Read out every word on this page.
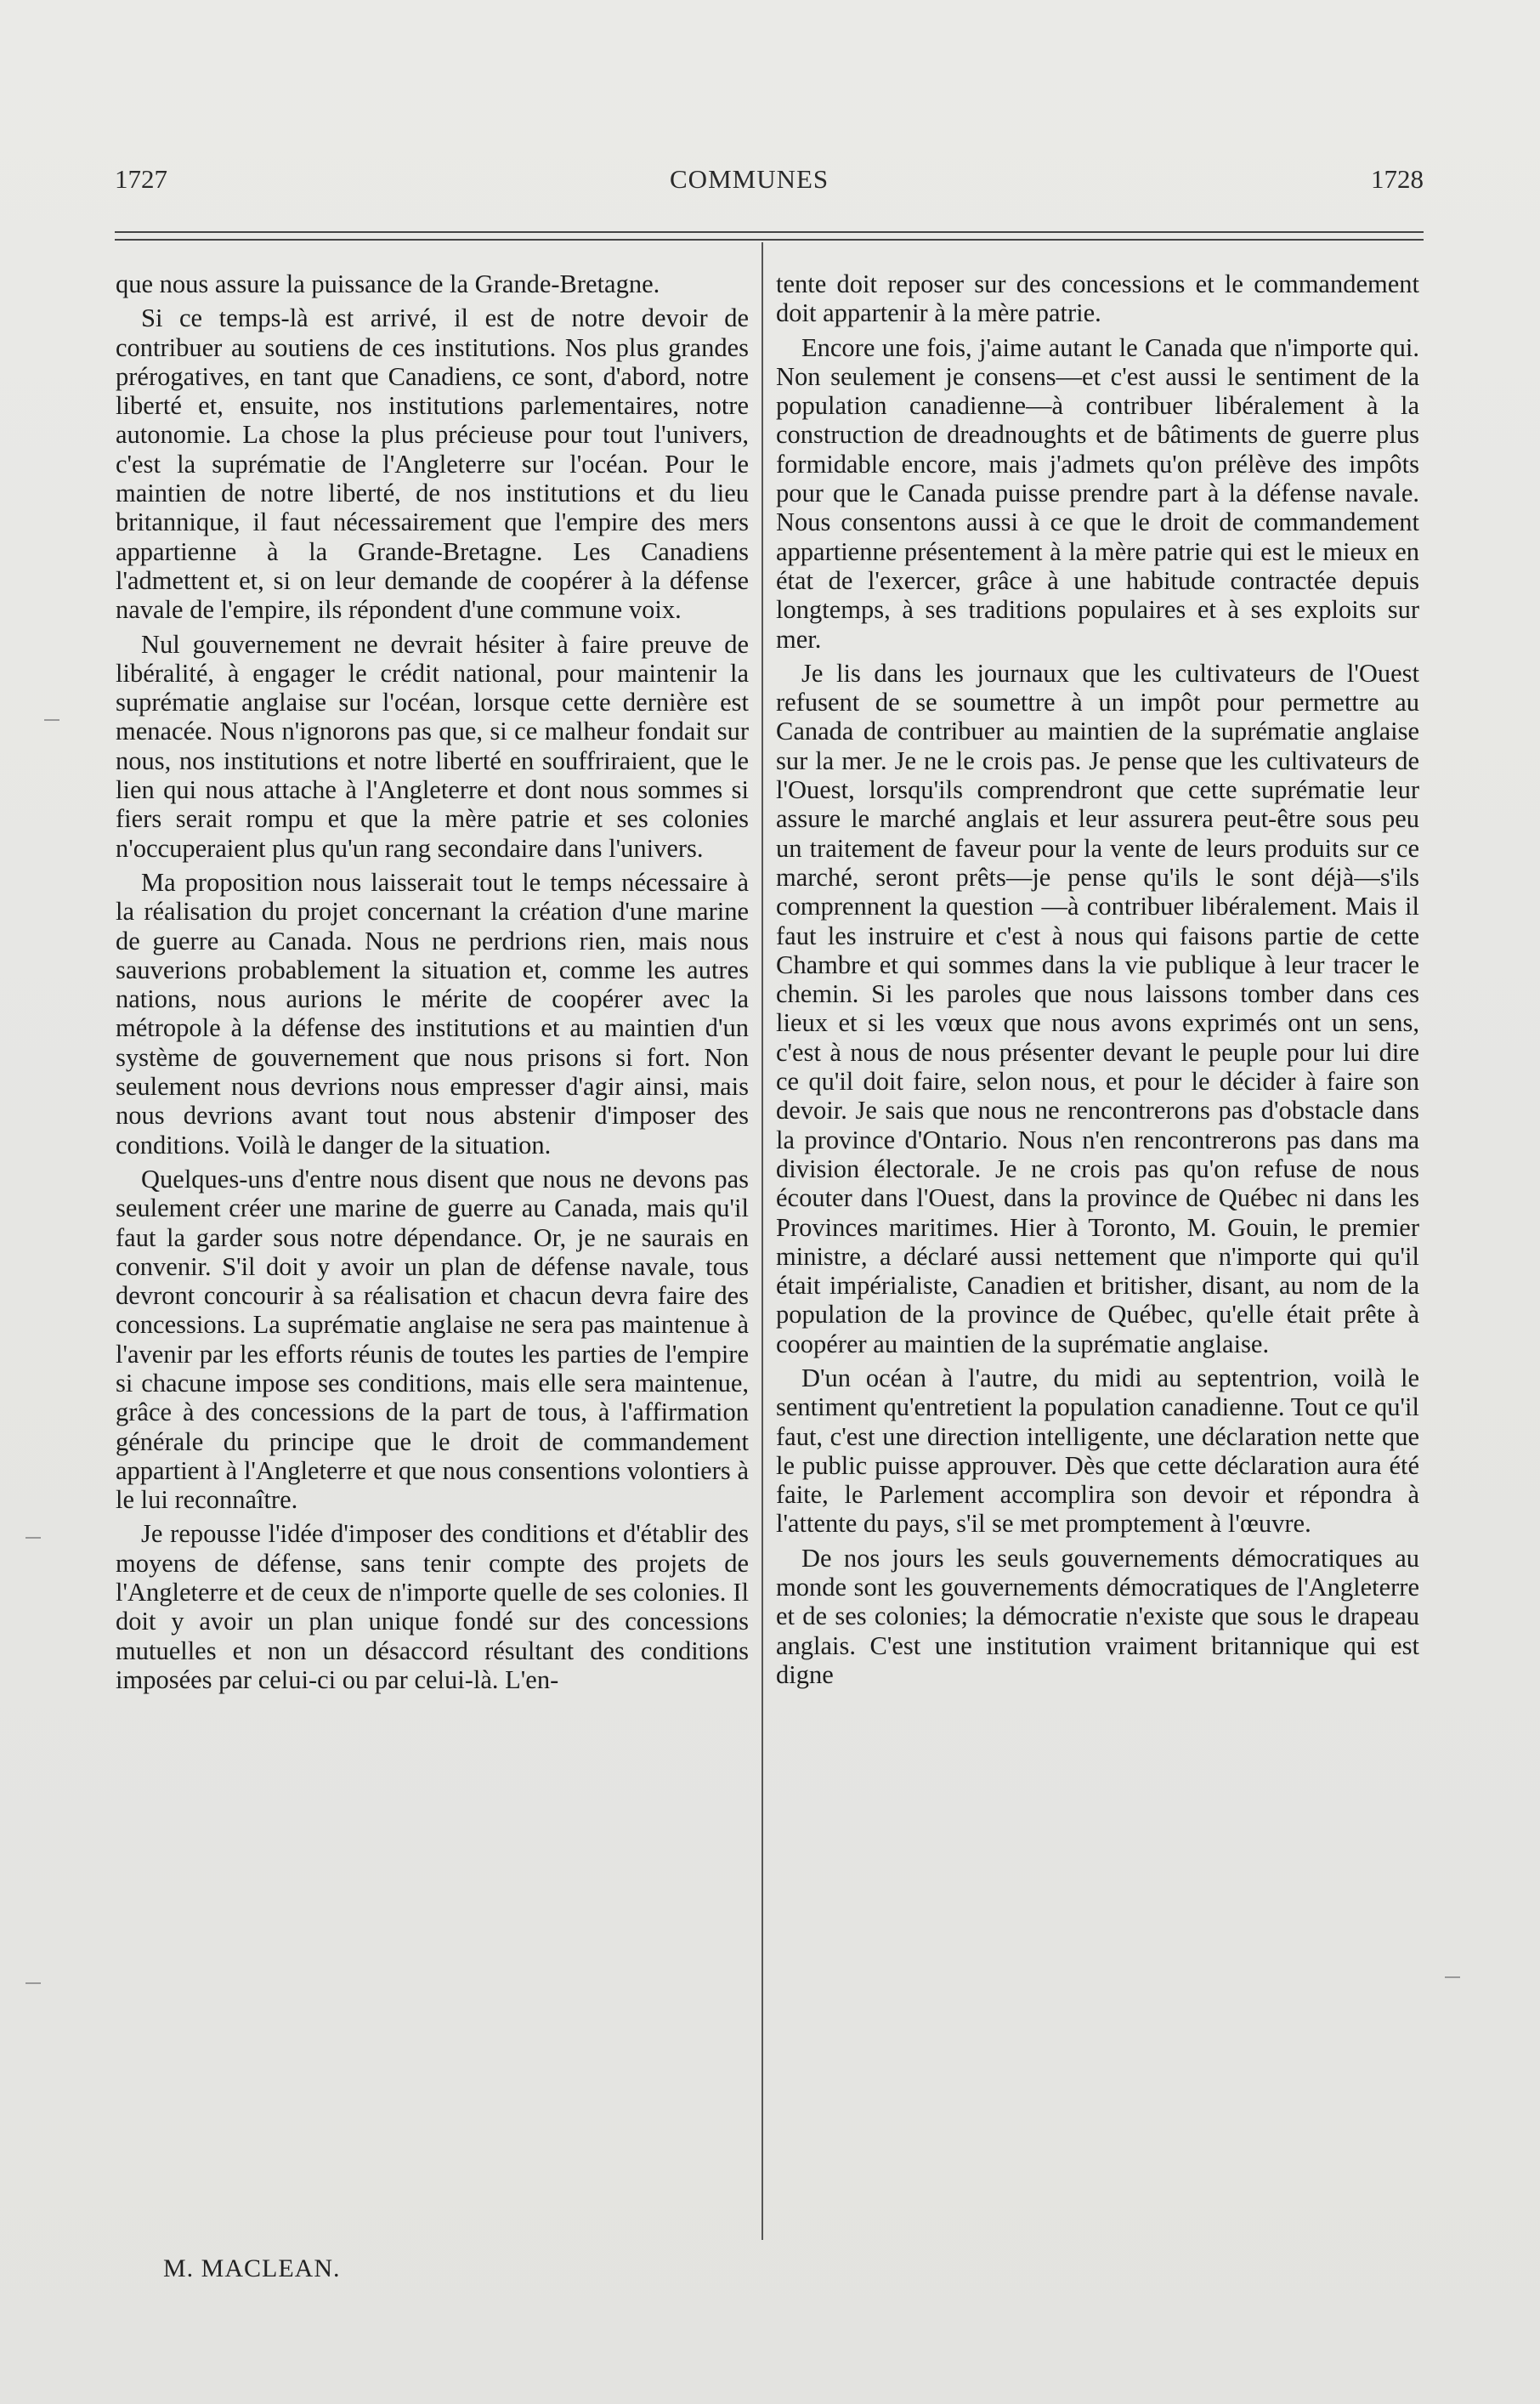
1727	COMMUNES	1728

que nous assure la puissance de la Grande-Bretagne.

Si ce temps-là est arrivé, il est de notre devoir de contribuer au soutiens de ces institutions. Nos plus grandes prérogatives, en tant que Canadiens, ce sont, d'abord, notre liberté et, ensuite, nos institutions parlementaires, notre autonomie. La chose la plus précieuse pour tout l'univers, c'est la suprématie de l'Angleterre sur l'océan. Pour le maintien de notre liberté, de nos institutions et du lieu britannique, il faut nécessairement que l'empire des mers appartienne à la Grande-Bretagne. Les Canadiens l'admettent et, si on leur demande de coopérer à la défense navale de l'empire, ils répondent d'une commune voix.

Nul gouvernement ne devrait hésiter à faire preuve de libéralité, à engager le crédit national, pour maintenir la suprématie anglaise sur l'océan, lorsque cette dernière est menacée. Nous n'ignorons pas que, si ce malheur fondait sur nous, nos institutions et notre liberté en souffriraient, que le lien qui nous attache à l'Angleterre et dont nous sommes si fiers serait rompu et que la mère patrie et ses colonies n'occuperaient plus qu'un rang secondaire dans l'univers.

Ma proposition nous laisserait tout le temps nécessaire à la réalisation du projet concernant la création d'une marine de guerre au Canada. Nous ne perdrions rien, mais nous sauverions probablement la situation et, comme les autres nations, nous aurions le mérite de coopérer avec la métropole à la défense des institutions et au maintien d'un système de gouvernement que nous prisons si fort. Non seulement nous devrions nous empresser d'agir ainsi, mais nous devrions avant tout nous abstenir d'imposer des conditions. Voilà le danger de la situation.

Quelques-uns d'entre nous disent que nous ne devons pas seulement créer une marine de guerre au Canada, mais qu'il faut la garder sous notre dépendance. Or, je ne saurais en convenir. S'il doit y avoir un plan de défense navale, tous devront concourir à sa réalisation et chacun devra faire des concessions. La suprématie anglaise ne sera pas maintenue à l'avenir par les efforts réunis de toutes les parties de l'empire si chacune impose ses conditions, mais elle sera maintenue, grâce à des concessions de la part de tous, à l'affirmation générale du principe que le droit de commandement appartient à l'Angleterre et que nous consentions volontiers à le lui reconnaître.

Je repousse l'idée d'imposer des conditions et d'établir des moyens de défense, sans tenir compte des projets de l'Angleterre et de ceux de n'importe quelle de ses colonies. Il doit y avoir un plan unique fondé sur des concessions mutuelles et non un désaccord résultant des conditions imposées par celui-ci ou par celui-là. L'en-

tente doit reposer sur des concessions et le commandement doit appartenir à la mère patrie.

Encore une fois, j'aime autant le Canada que n'importe qui. Non seulement je consens—et c'est aussi le sentiment de la population canadienne—à contribuer libéralement à la construction de dreadnoughts et de bâtiments de guerre plus formidable encore, mais j'admets qu'on prélève des impôts pour que le Canada puisse prendre part à la défense navale. Nous consentons aussi à ce que le droit de commandement appartienne présentement à la mère patrie qui est le mieux en état de l'exercer, grâce à une habitude contractée depuis longtemps, à ses traditions populaires et à ses exploits sur mer.

Je lis dans les journaux que les cultivateurs de l'Ouest refusent de se soumettre à un impôt pour permettre au Canada de contribuer au maintien de la suprématie anglaise sur la mer. Je ne le crois pas. Je pense que les cultivateurs de l'Ouest, lorsqu'ils comprendront que cette suprématie leur assure le marché anglais et leur assurera peut-être sous peu un traitement de faveur pour la vente de leurs produits sur ce marché, seront prêts—je pense qu'ils le sont déjà—s'ils comprennent la question —à contribuer libéralement. Mais il faut les instruire et c'est à nous qui faisons partie de cette Chambre et qui sommes dans la vie publique à leur tracer le chemin. Si les paroles que nous laissons tomber dans ces lieux et si les vœux que nous avons exprimés ont un sens, c'est à nous de nous présenter devant le peuple pour lui dire ce qu'il doit faire, selon nous, et pour le décider à faire son devoir. Je sais que nous ne rencontrerons pas d'obstacle dans la province d'Ontario. Nous n'en rencontrerons pas dans ma division électorale. Je ne crois pas qu'on refuse de nous écouter dans l'Ouest, dans la province de Québec ni dans les Provinces maritimes. Hier à Toronto, M. Gouin, le premier ministre, a déclaré aussi nettement que n'importe qui qu'il était impérialiste, Canadien et britisher, disant, au nom de la population de la province de Québec, qu'elle était prête à coopérer au maintien de la suprématie anglaise.

D'un océan à l'autre, du midi au septentrion, voilà le sentiment qu'entretient la population canadienne. Tout ce qu'il faut, c'est une direction intelligente, une déclaration nette que le public puisse approuver. Dès que cette déclaration aura été faite, le Parlement accomplira son devoir et répondra à l'attente du pays, s'il se met promptement à l'œuvre.

De nos jours les seuls gouvernements démocratiques au monde sont les gouvernements démocratiques de l'Angleterre et de ses colonies; la démocratie n'existe que sous le drapeau anglais. C'est une institution vraiment britannique qui est digne

M. MACLEAN.
